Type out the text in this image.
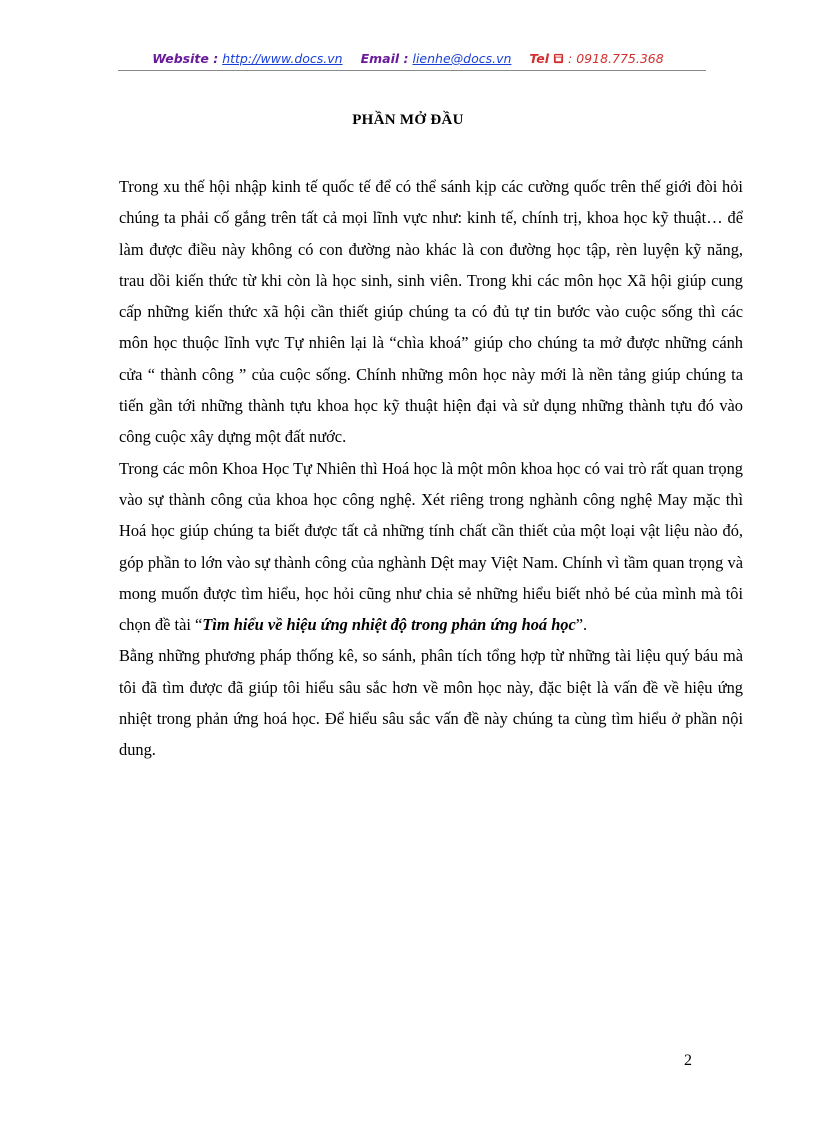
Website : http://www.docs.vn Email : lienhe@docs.vn Tel : 0918.775.368
PHẦN MỞ ĐẦU

Trong xu thế hội nhập kinh tế quốc tế để có thể sánh kịp các cường quốc trên thế giới đòi hỏi chúng ta phải cố gắng trên tất cả mọi lĩnh vực như: kinh tế, chính trị, khoa học kỹ thuật… để làm được điều này không có con đường nào khác là con đường học tập, rèn luyện kỹ năng, trau dồi kiến thức từ khi còn là học sinh, sinh viên. Trong khi các môn học Xã hội giúp cung cấp những kiến thức xã hội cần thiết giúp chúng ta có đủ tự tin bước vào cuộc sống thì các môn học thuộc lĩnh vực Tự nhiên lại là “chìa khoá” giúp cho chúng ta mở được những cánh cửa “ thành công ” của cuộc sống. Chính những môn học này mới là nền tảng giúp chúng ta tiến gần tới những thành tựu khoa học kỹ thuật hiện đại và sử dụng những thành tựu đó vào công cuộc xây dựng một đất nước.

Trong các môn Khoa Học Tự Nhiên thì Hoá học là một môn khoa học có vai trò rất quan trọng vào sự thành công của khoa học công nghệ. Xét riêng trong nghành công nghệ May mặc thì Hoá học giúp chúng ta biết được tất cả những tính chất cần thiết của một loại vật liệu nào đó, góp phần to lớn vào sự thành công của nghành Dệt may Việt Nam. Chính vì tầm quan trọng và mong muốn được tìm hiểu, học hỏi cũng như chia sẻ những hiểu biết nhỏ bé của mình mà tôi chọn đề tài “Tìm hiểu về hiệu ứng nhiệt độ trong phản ứng hoá học”.

Bằng những phương pháp thống kê, so sánh, phân tích tổng hợp từ những tài liệu quý báu mà tôi đã tìm được đã giúp tôi hiểu sâu sắc hơn về môn học này, đặc biệt là vấn đề về hiệu ứng nhiệt trong phản ứng hoá học. Để hiểu sâu sắc vấn đề này chúng ta cùng tìm hiểu ở phần nội dung.

2
